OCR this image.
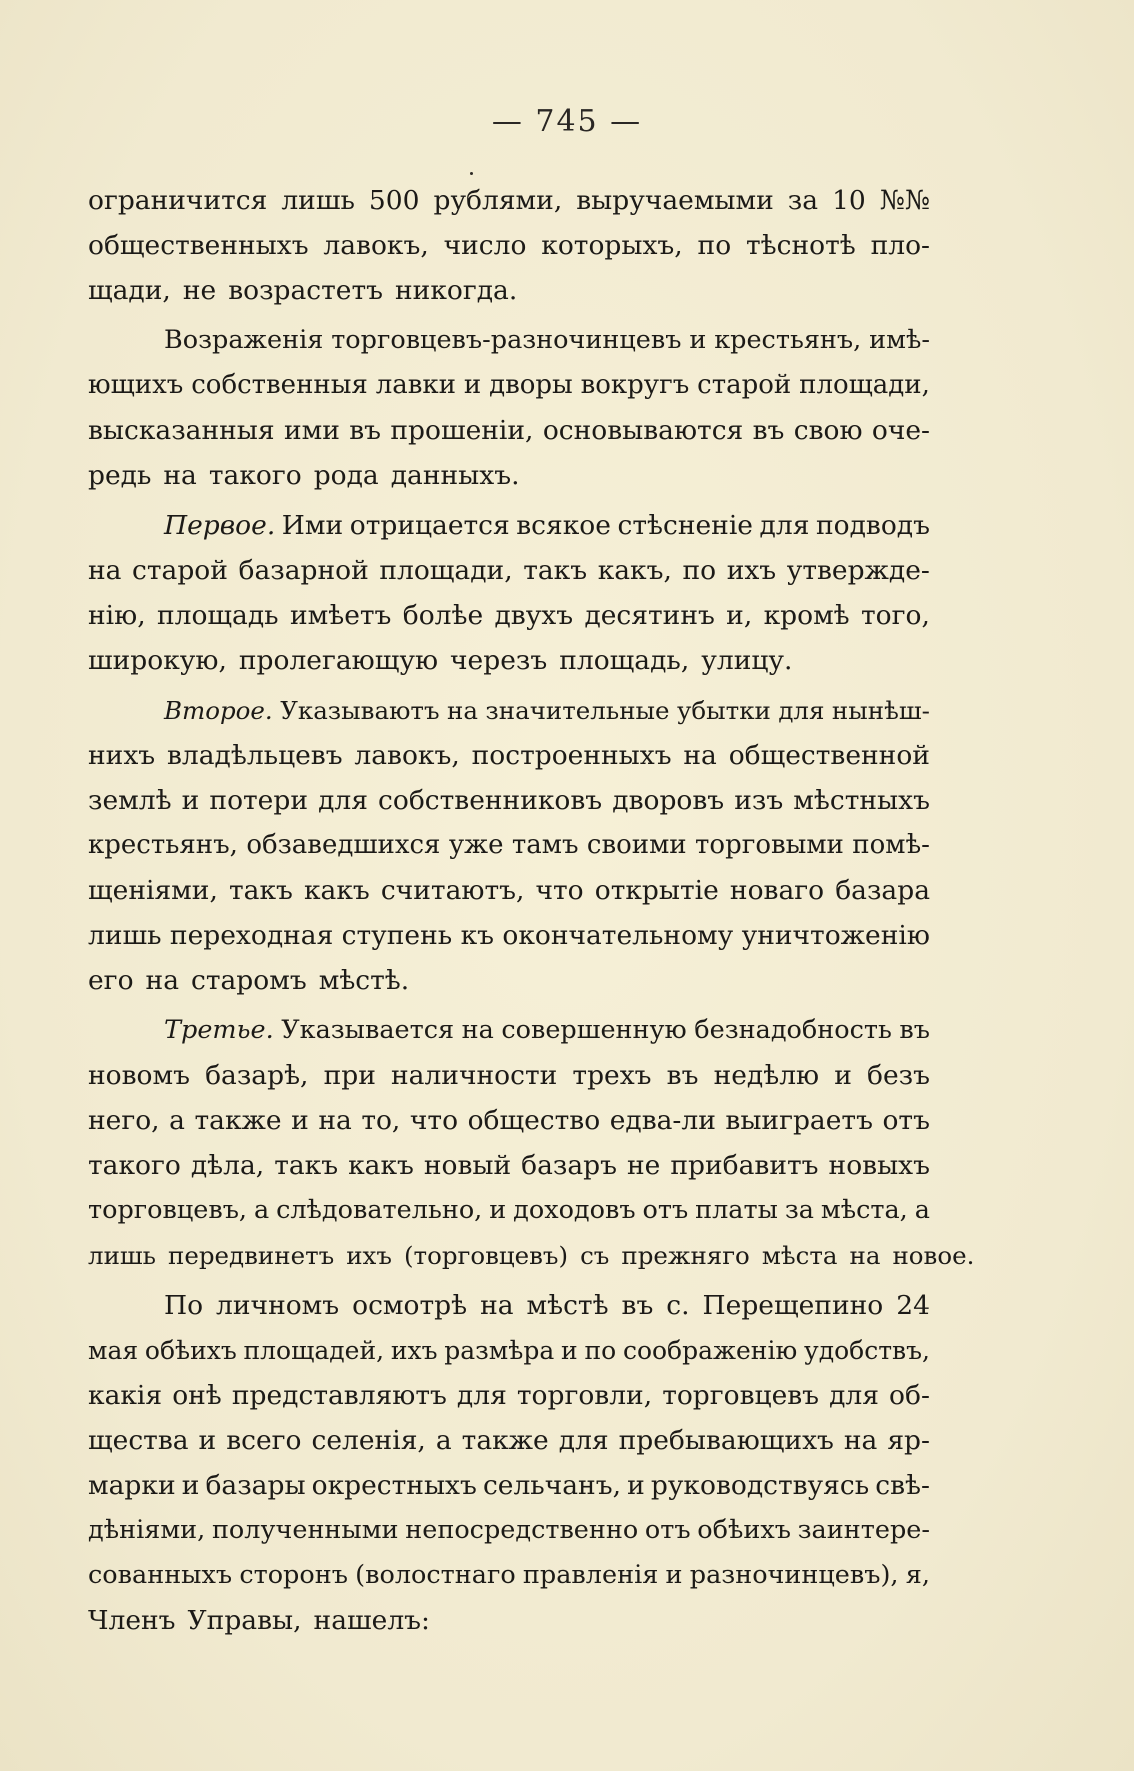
— 745 —
ограничится лишь 500 рублями, выручаемыми за 10 №№
общественныхъ лавокъ, число которыхъ, по тѣснотѣ пло-
щади, не возрастетъ никогда.
Возраженія торговцевъ-разночинцевъ и крестьянъ, имѣ-
ющихъ собственныя лавки и дворы вокругъ старой площади,
высказанныя ими въ прошеніи, основываются въ свою оче-
редь на такого рода данныхъ.
Первое. Ими отрицается всякое стѣсненіе для подводъ
на старой базарной площади, такъ какъ, по ихъ утвержде-
нію, площадь имѣетъ болѣе двухъ десятинъ и, кромѣ того,
широкую, пролегающую черезъ площадь, улицу.
Второе. Указываютъ на значительные убытки для нынѣш-
нихъ владѣльцевъ лавокъ, построенныхъ на общественной
землѣ и потери для собственниковъ дворовъ изъ мѣстныхъ
крестьянъ, обзаведшихся уже тамъ своими торговыми помѣ-
щеніями, такъ какъ считаютъ, что открытіе новаго базара
лишь переходная ступень къ окончательному уничтоженію
его на старомъ мѣстѣ.
Третье. Указывается на совершенную безнадобность въ
новомъ базарѣ, при наличности трехъ въ недѣлю и безъ
него, а также и на то, что общество едва-ли выиграетъ отъ
такого дѣла, такъ какъ новый базаръ не прибавитъ новыхъ
торговцевъ, а слѣдовательно, и доходовъ отъ платы за мѣста, а
лишь передвинетъ ихъ (торговцевъ) съ прежняго мѣста на новое.
По личномъ осмотрѣ на мѣстѣ въ с. Перещепино 24
мая обѣихъ площадей, ихъ размѣра и по соображенію удобствъ,
какія онѣ представляютъ для торговли, торговцевъ для об-
щества и всего селенія, а также для пребывающихъ на яр-
марки и базары окрестныхъ сельчанъ, и руководствуясь свѣ-
дѣніями, полученными непосредственно отъ обѣихъ заинтере-
сованныхъ сторонъ (волостнаго правленія и разночинцевъ), я,
Членъ Управы, нашелъ:
